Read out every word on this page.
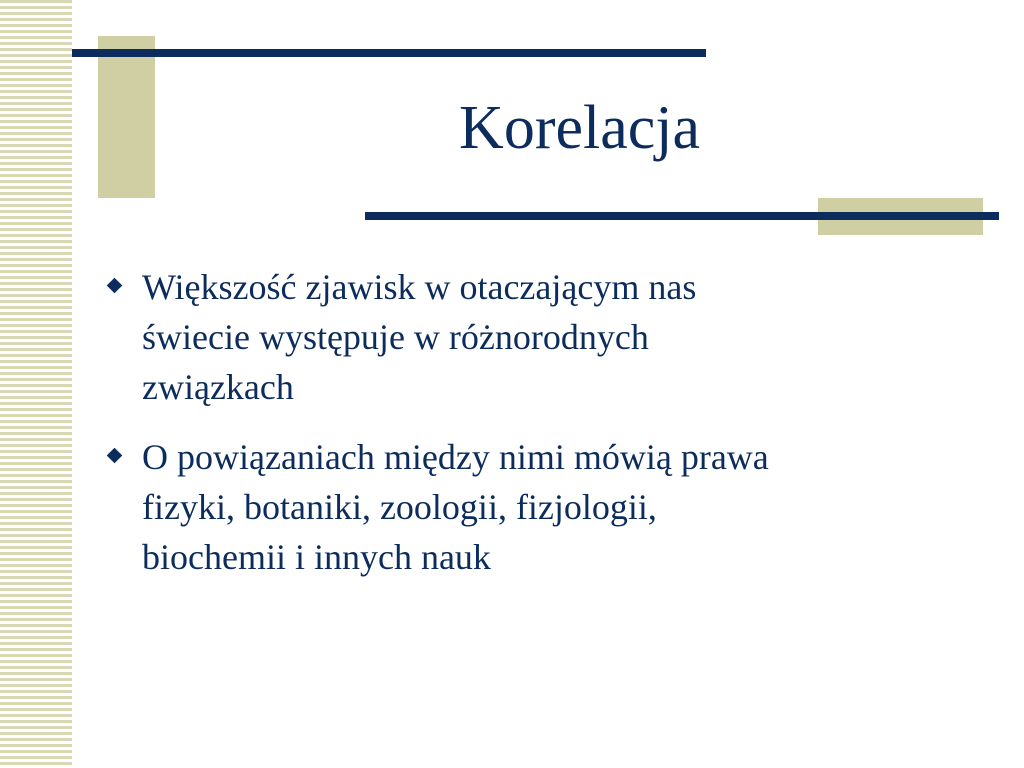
Korelacja
Większość zjawisk w otaczającym nas
świecie występuje w różnorodnych
związkach
O powiązaniach między nimi mówią prawa
fizyki, botaniki, zoologii, fizjologii,
biochemii i innych nauk
